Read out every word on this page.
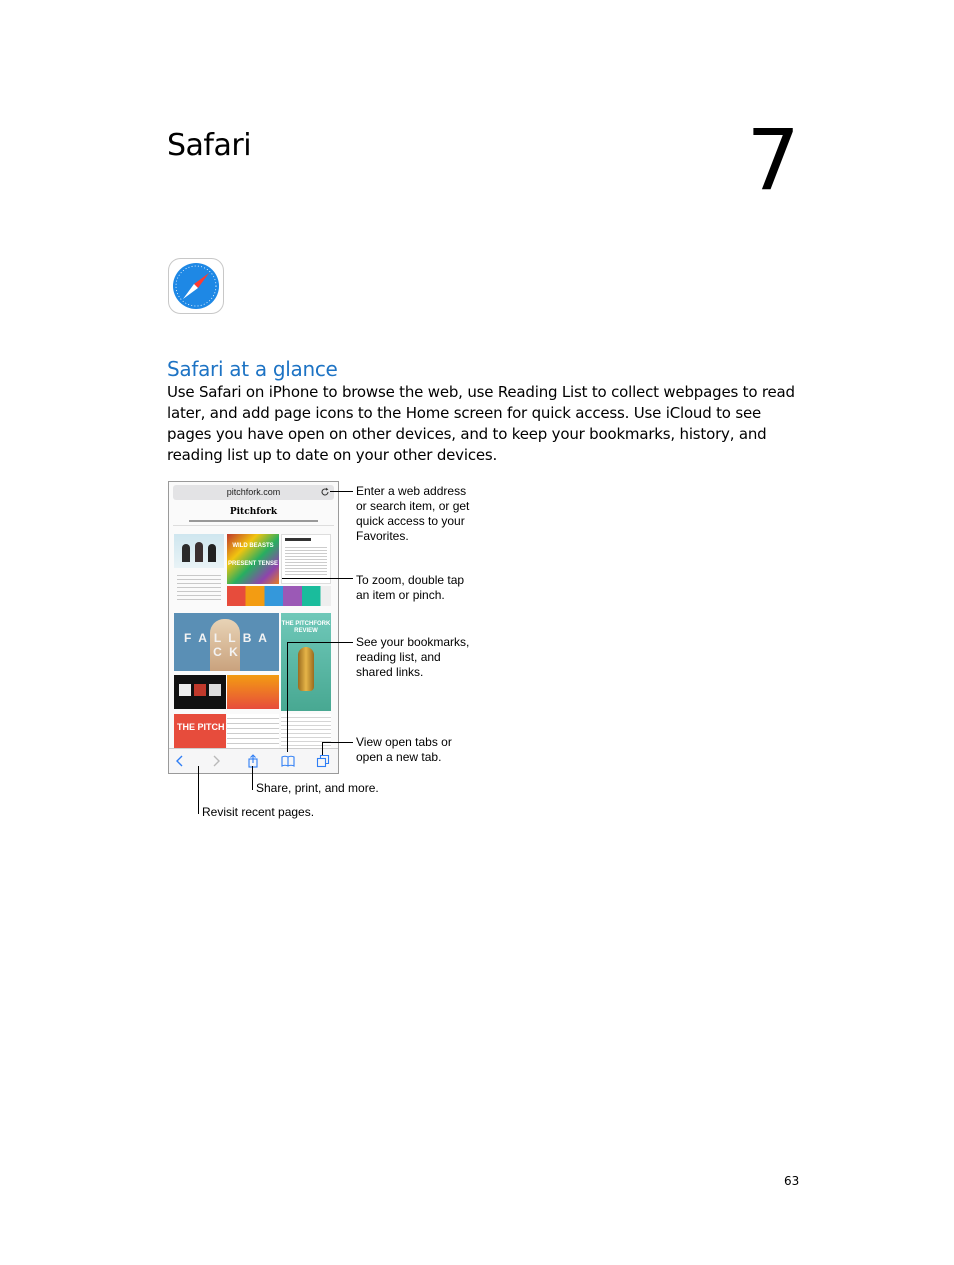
Safari	7
Safari at a glance

Use Safari on iPhone to browse the web, use Reading List to collect webpages to read later, and add page icons to the Home screen for quick access. Use iCloud to see pages you have open on other devices, and to keep your bookmarks, history, and reading list up to date on your other devices.

pitchfork.com
Pitchfork
WILD BEASTS
PRESENT TENSE
F A L L B A C K
THE PITCHFORK REVIEW
THE PITCH

Enter a web address or search item, or get quick access to your Favorites.

To zoom, double tap an item or pinch.

See your bookmarks, reading list, and shared links.

View open tabs or open a new tab.

Share, print, and more.

Revisit recent pages.

63
